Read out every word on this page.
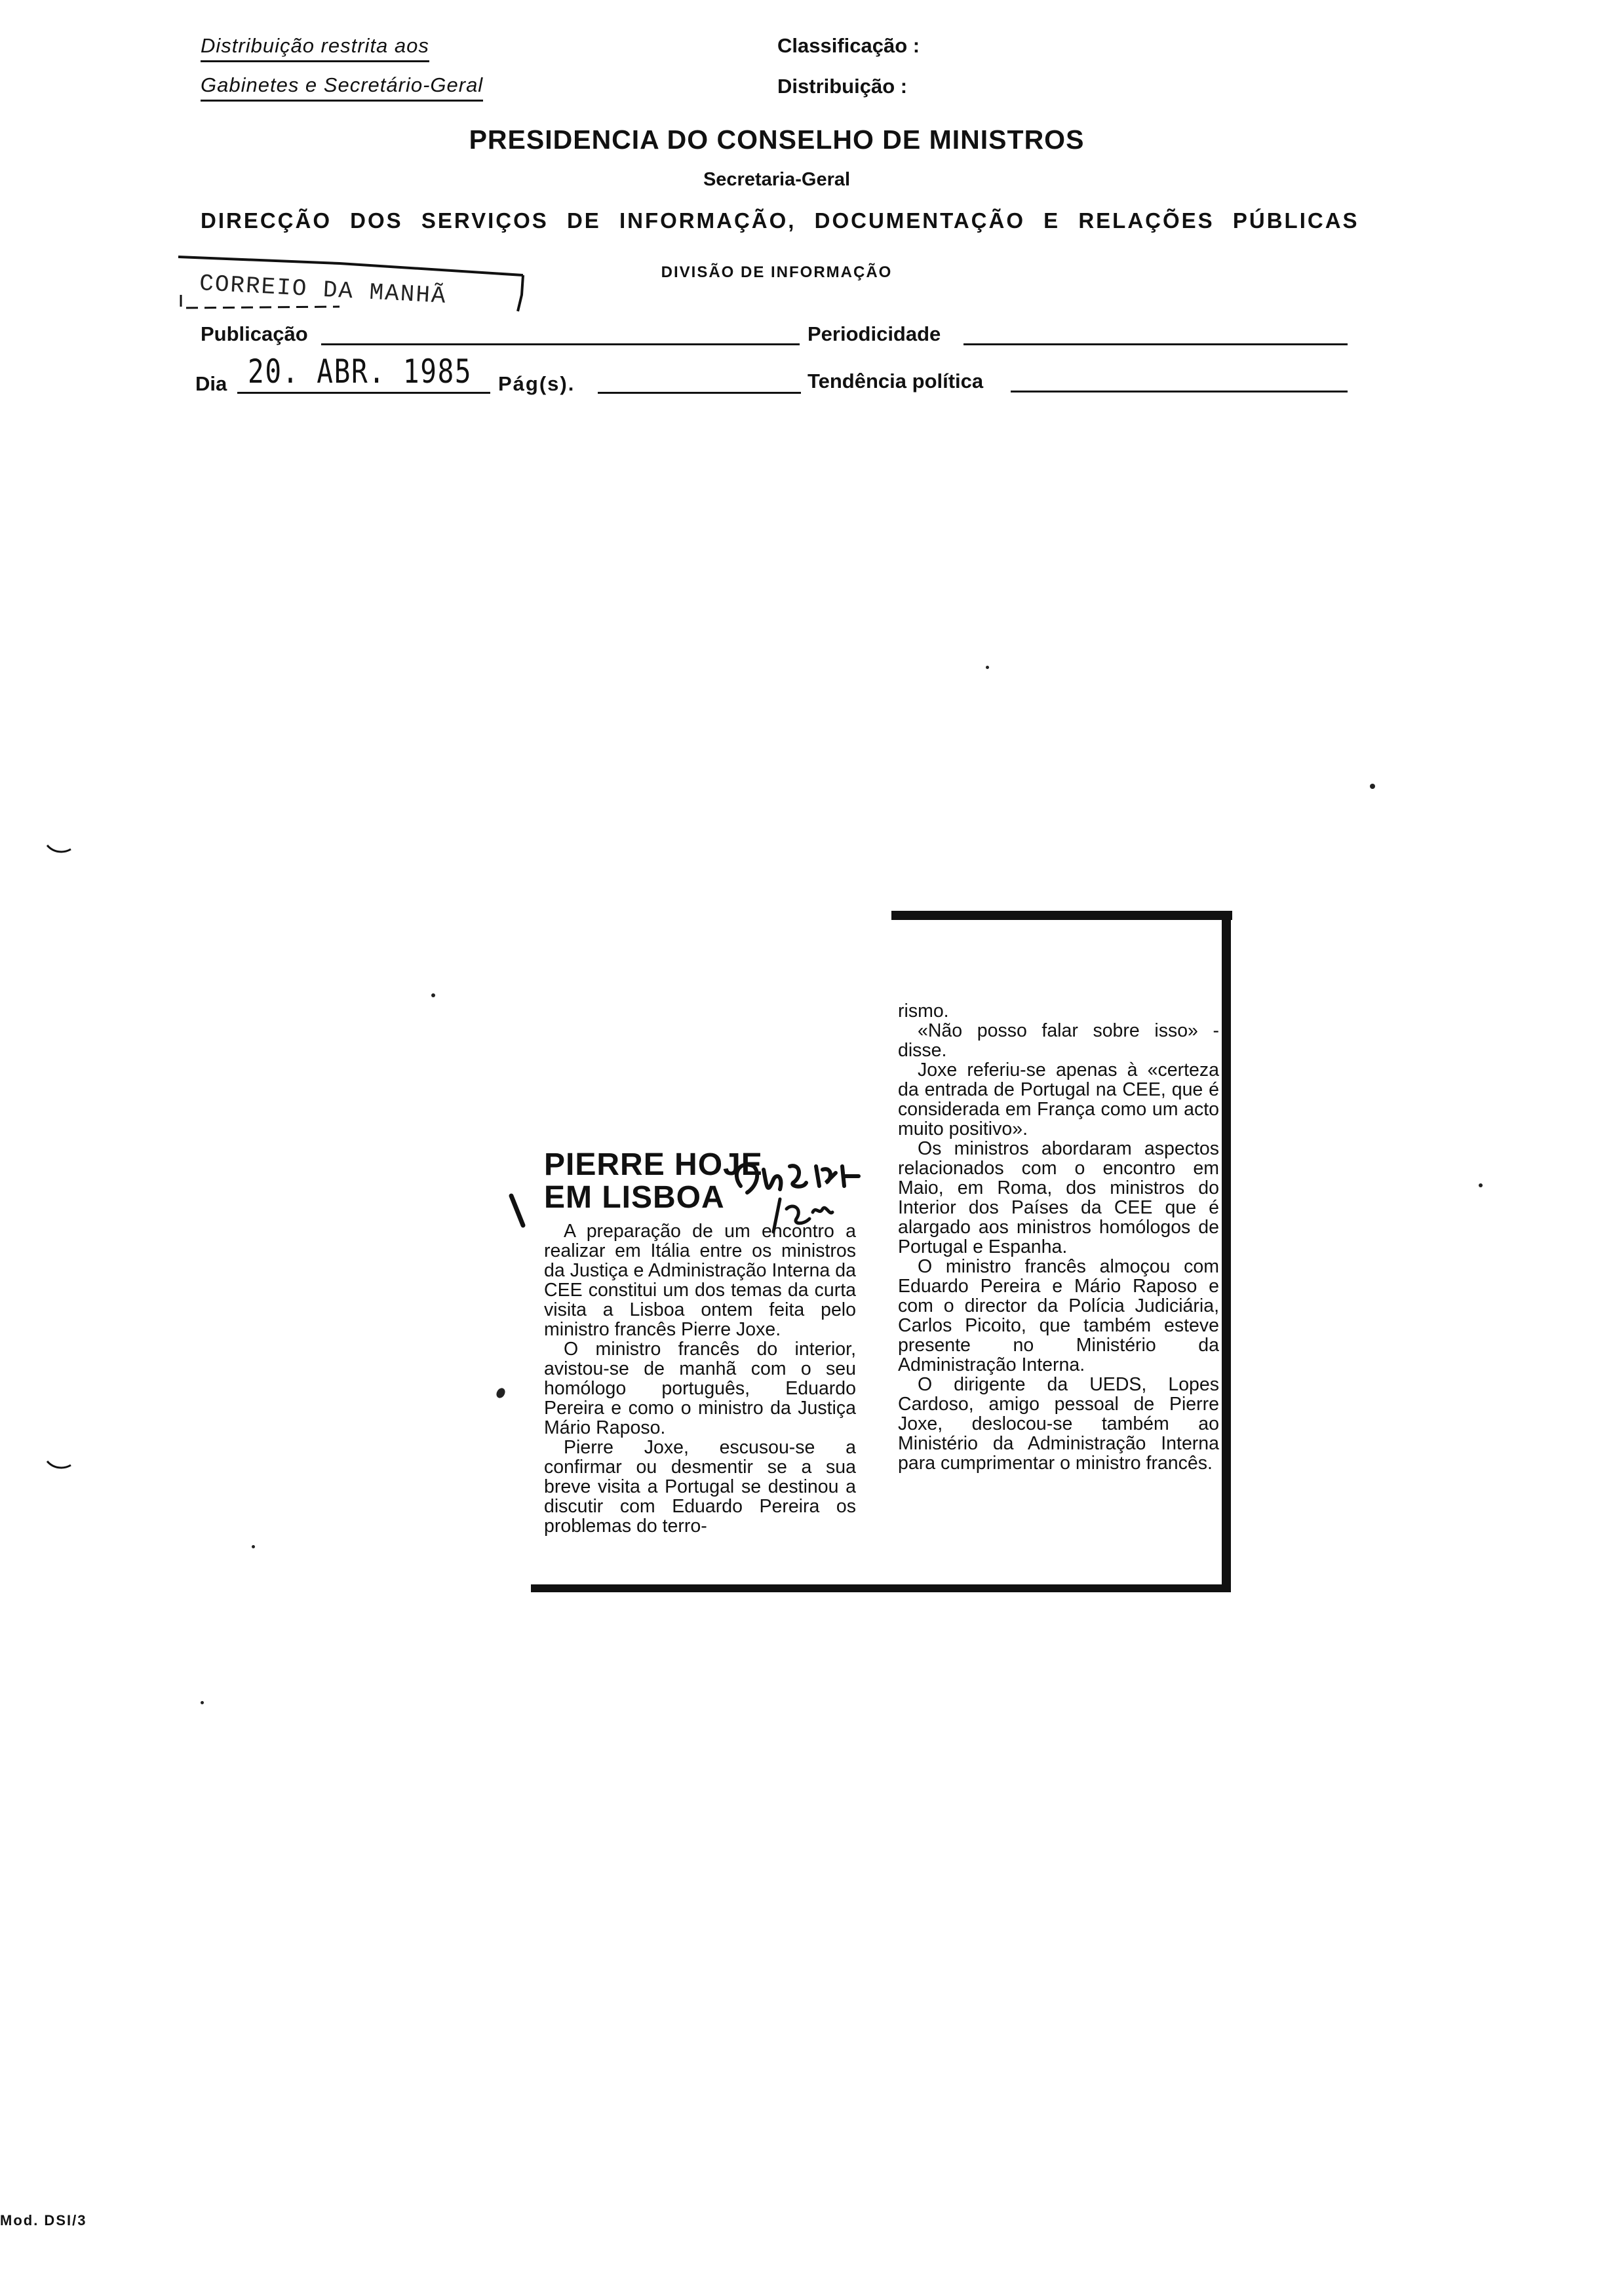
Distribuição restrita aos
Gabinetes e Secretário-Geral
Classificação :
Distribuição :
PRESIDENCIA DO CONSELHO DE MINISTROS
Secretaria-Geral
DIRECÇÃO DOS SERVIÇOS DE INFORMAÇÃO, DOCUMENTAÇÃO E RELAÇÕES PÚBLICAS
DIVISÃO DE INFORMAÇÃO
CORREIO DA MANHÃ
Publicação	Periodicidade
Dia 20. ABR. 1985 Pág(s).	Tendência política

rismo.

«Não posso falar sobre isso» - disse.

Joxe referiu-se apenas à «certeza da entrada de Portugal na CEE, que é considerada em França como um acto muito positivo».

Os ministros abordaram aspectos relacionados com o encontro em Maio, em Roma, dos ministros do Interior dos Países da CEE que é alargado aos ministros homólogos de Portugal e Espanha.

O ministro francês almoçou com Eduardo Pereira e Mário Raposo e com o director da Polícia Judiciária, Carlos Picoito, que também esteve presente no Ministério da Administração Interna.

O dirigente da UEDS, Lopes Cardoso, amigo pessoal de Pierre Joxe, deslocou-se também ao Ministério da Administração Interna para cumprimentar o ministro francês.

PIERRE HOJE
EM LISBOA

A preparação de um encontro a realizar em Itália entre os ministros da Justiça e Administração Interna da CEE constitui um dos temas da curta visita a Lisboa ontem feita pelo ministro francês Pierre Joxe.

O ministro francês do interior, avistou-se de manhã com o seu homólogo português, Eduardo Pereira e como o ministro da Justiça Mário Raposo.

Pierre Joxe, escusou-se a confirmar ou desmentir se a sua breve visita a Portugal se destinou a discutir com Eduardo Pereira os problemas do terro-

Mod. DSI/3
